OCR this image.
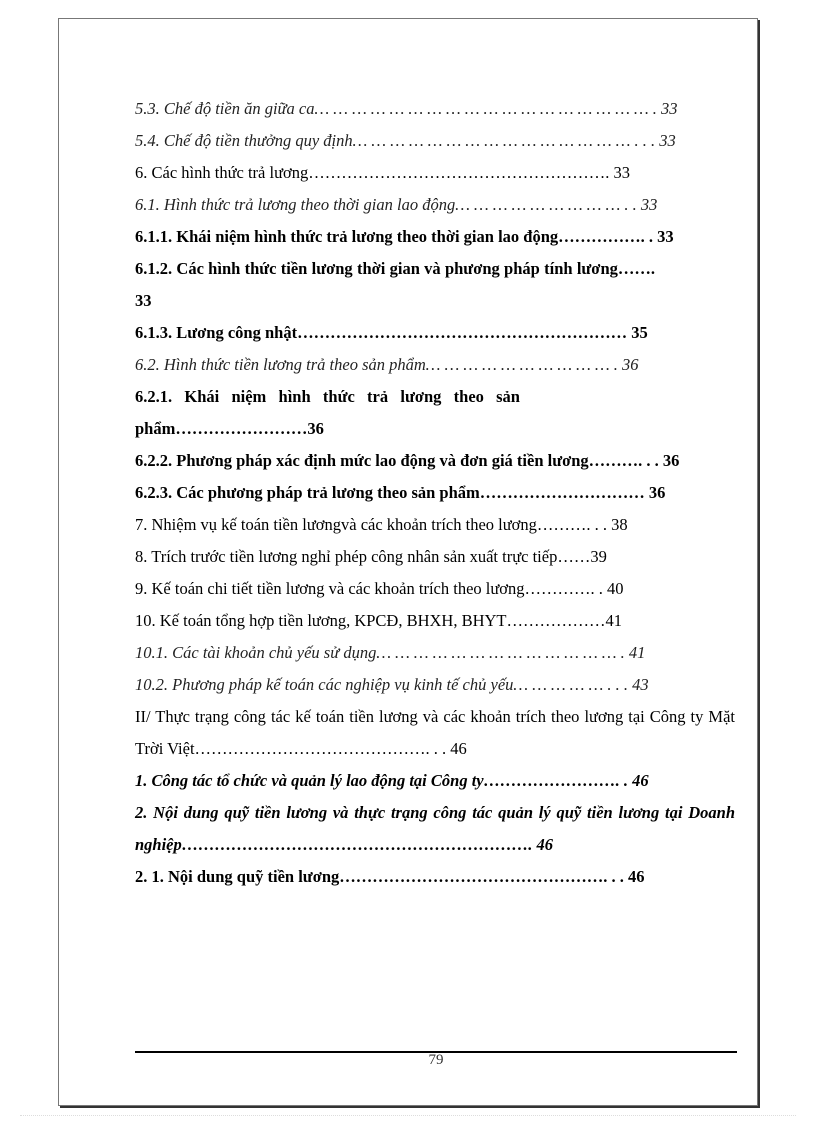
5.3. Chế độ tiền ăn giữa ca… … … … … … … … … … … … … … … … … … . 33
5.4. Chế độ tiền thưởng quy định… … … … … … … … … … … … … … … . . . 33
6. Các hình thức trả lương………………………………………………. 33
6.1. Hình thức trả lương theo thời gian lao động… … … … … … … … … . . 33
6.1.1. Khái niệm hình thức trả lương theo thời gian lao động……………. . 33
6.1.2. Các hình thức tiền lương thời gian và phương pháp tính lương……. 33
6.1.3. Lương công nhật…………………………………………………… 35
6.2. Hình thức tiền lương trả theo sản phẩm… … … … … … … … … … . 36
6.2.1. Khái niệm hình thức trả lương theo sản phẩm……………………36
6.2.2. Phương pháp xác định mức lao động và đơn giá tiền lương………. . . 36
6.2.3. Các phương pháp trả lương theo sản phẩm………………………… 36
7. Nhiệm vụ kế toán tiền lươngvà các khoản trích theo lương………. . . 38
8. Trích trước tiền lương nghỉ phép công nhân sản xuất trực tiếp……39
9. Kế toán chi tiết tiền lương và các khoản trích theo lương…………. . 40
10. Kế toán tổng hợp tiền lương, KPCĐ, BHXH, BHYT………………41
10.1. Các tài khoản chủ yếu sử dụng… … … … … … … … … … … … … . 41
10.2. Phương pháp kế toán các nghiệp vụ kinh tế chủ yếu… … … … … . . . 43
II/ Thực trạng công tác kế toán tiền lương và các khoản trích theo lương tại Công ty Mặt Trời Việt……………………………………. . . 46
1. Công tác tổ chức và quản lý lao động tại Công ty……………………. . 46
2. Nội dung quỹ tiền lương và thực trạng công tác quản lý quỹ tiền lương tại Doanh nghiệp………………………………………………………. 46
2. 1. Nội dung quỹ tiền lương…………………………………………. . . 46
79
